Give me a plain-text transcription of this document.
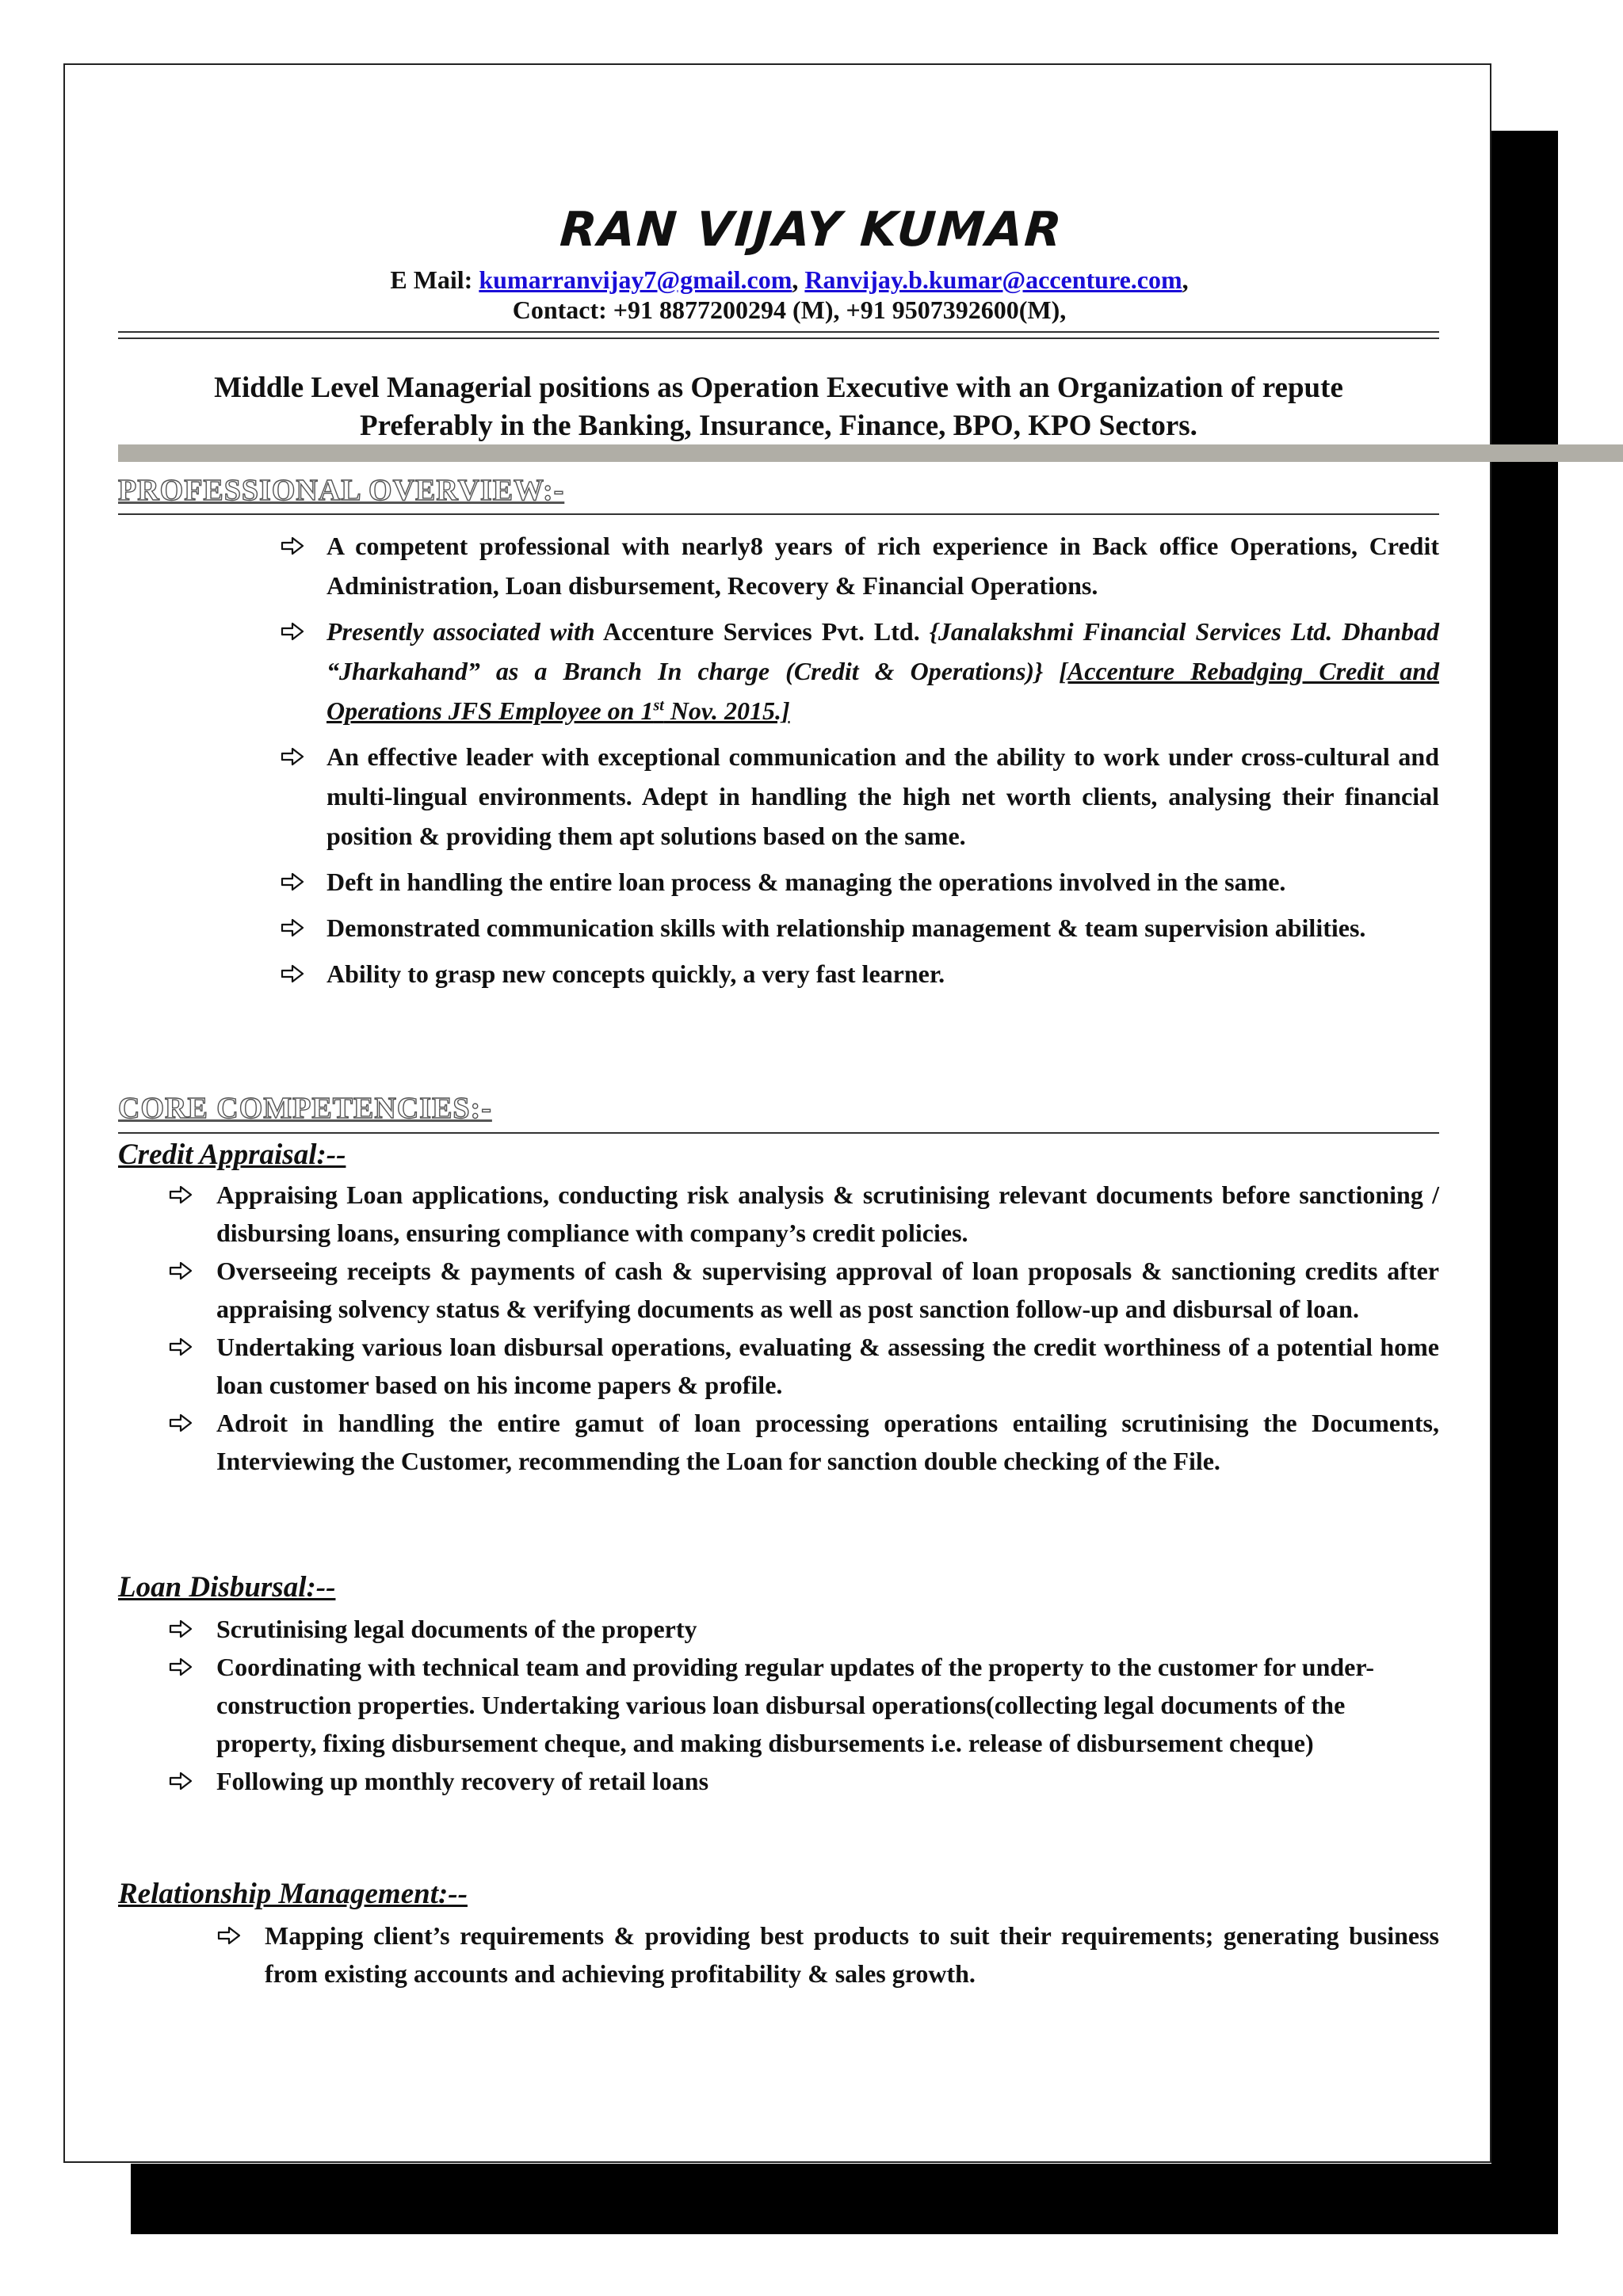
RAN VIJAY KUMAR
E Mail: kumarranvijay7@gmail.com, Ranvijay.b.kumar@accenture.com,
Contact: +91 8877200294 (M), +91 9507392600(M),
Middle Level Managerial positions as Operation Executive with an Organization of repute
Preferably in the Banking, Insurance, Finance, BPO, KPO Sectors.
PROFESSIONAL OVERVIEW:-
A competent professional with nearly8 years of rich experience in Back office Operations, Credit Administration, Loan disbursement, Recovery & Financial Operations.
Presently associated with Accenture Services Pvt. Ltd. {Janalakshmi Financial Services Ltd. Dhanbad “Jharkahand” as a Branch In charge (Credit & Operations)} [Accenture Rebadging Credit and Operations JFS Employee on 1st Nov. 2015.]
An effective leader with exceptional communication and the ability to work under cross-cultural and multi-lingual environments. Adept in handling the high net worth clients, analysing their financial position & providing them apt solutions based on the same.
Deft in handling the entire loan process & managing the operations involved in the same.
Demonstrated communication skills with relationship management & team supervision abilities.
Ability to grasp new concepts quickly, a very fast learner.
CORE COMPETENCIES:-
Credit Appraisal:--
Appraising Loan applications, conducting risk analysis & scrutinising relevant documents before sanctioning / disbursing loans, ensuring compliance with company’s credit policies.
Overseeing receipts & payments of cash & supervising approval of loan proposals & sanctioning credits after appraising solvency status & verifying documents as well as post sanction follow-up and disbursal of loan.
Undertaking various loan disbursal operations, evaluating & assessing the credit worthiness of a potential home loan customer based on his income papers & profile.
Adroit in handling the entire gamut of loan processing operations entailing scrutinising the Documents, Interviewing the Customer, recommending the Loan for sanction double checking of the File.
Loan Disbursal:--
Scrutinising legal documents of the property
Coordinating with technical team and providing regular updates of the property to the customer for under-construction properties. Undertaking various loan disbursal operations(collecting legal documents of the property, fixing disbursement cheque, and making disbursements i.e. release of disbursement cheque)
Following up monthly recovery of retail loans
Relationship Management:--
Mapping client’s requirements & providing best products to suit their requirements; generating business from existing accounts and achieving profitability & sales growth.
